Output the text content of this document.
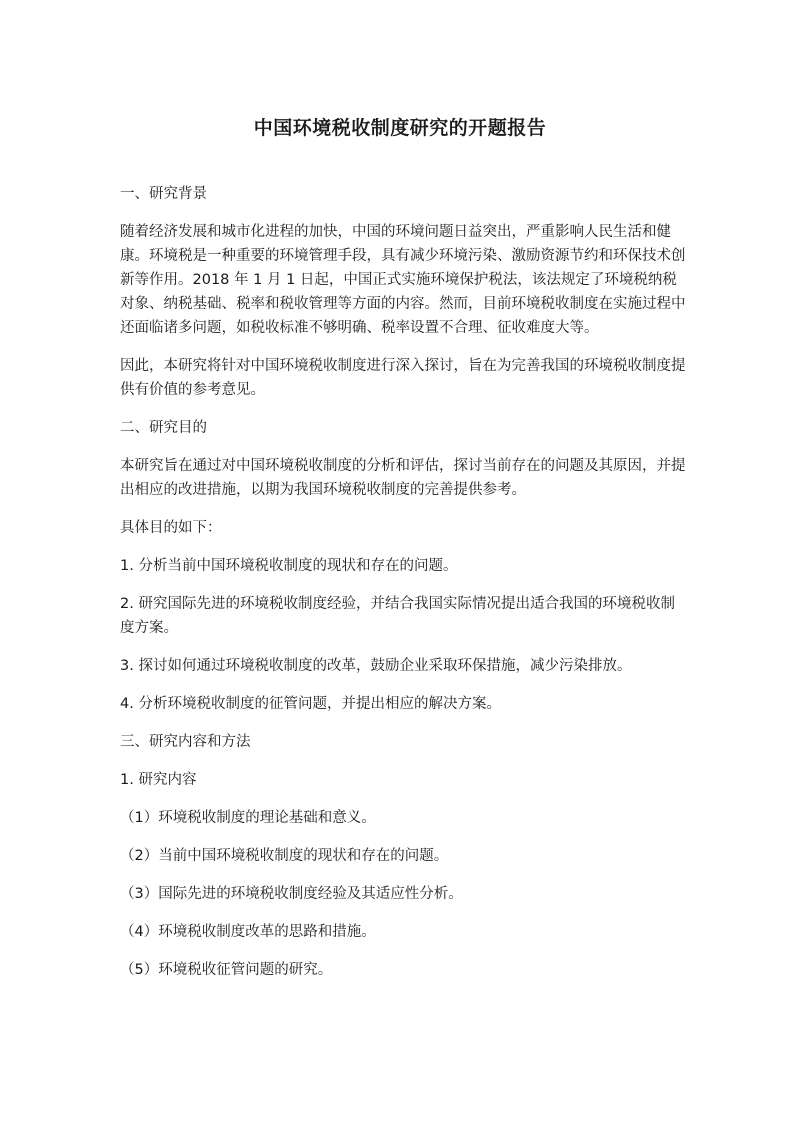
中国环境税收制度研究的开题报告

一、研究背景

随着经济发展和城市化进程的加快，中国的环境问题日益突出，严重影响人民生活和健康。环境税是一种重要的环境管理手段，具有减少环境污染、激励资源节约和环保技术创新等作用。2018 年 1 月 1 日起，中国正式实施环境保护税法，该法规定了环境税纳税对象、纳税基础、税率和税收管理等方面的内容。然而，目前环境税收制度在实施过程中还面临诸多问题，如税收标准不够明确、税率设置不合理、征收难度大等。

因此，本研究将针对中国环境税收制度进行深入探讨，旨在为完善我国的环境税收制度提供有价值的参考意见。

二、研究目的

本研究旨在通过对中国环境税收制度的分析和评估，探讨当前存在的问题及其原因，并提出相应的改进措施，以期为我国环境税收制度的完善提供参考。

具体目的如下：

1. 分析当前中国环境税收制度的现状和存在的问题。

2. 研究国际先进的环境税收制度经验，并结合我国实际情况提出适合我国的环境税收制度方案。

3. 探讨如何通过环境税收制度的改革，鼓励企业采取环保措施，减少污染排放。

4. 分析环境税收制度的征管问题，并提出相应的解决方案。

三、研究内容和方法

1. 研究内容

（1）环境税收制度的理论基础和意义。

（2）当前中国环境税收制度的现状和存在的问题。

（3）国际先进的环境税收制度经验及其适应性分析。

（4）环境税收制度改革的思路和措施。

（5）环境税收征管问题的研究。
